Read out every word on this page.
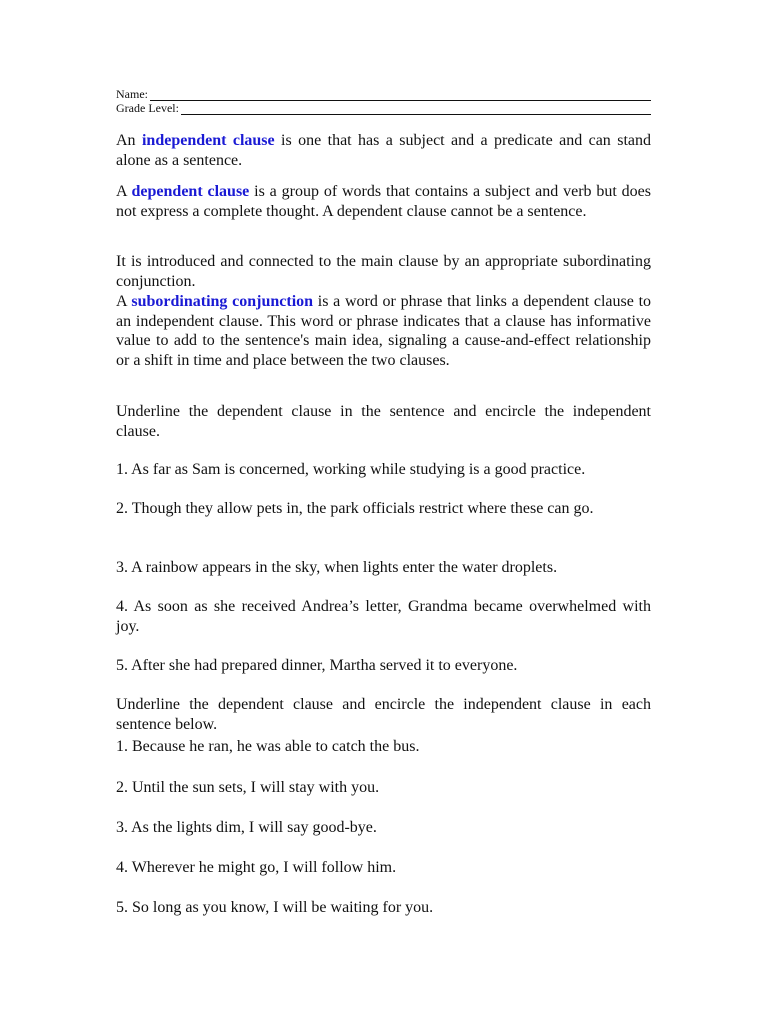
Name:
Grade Level:

An independent clause is one that has a subject and a predicate and can stand alone as a sentence.

A dependent clause is a group of words that contains a subject and verb but does not express a complete thought. A dependent clause cannot be a sentence.

It is introduced and connected to the main clause by an appropriate subordinating conjunction.

A subordinating conjunction is a word or phrase that links a dependent clause to an independent clause. This word or phrase indicates that a clause has informative value to add to the sentence's main idea, signaling a cause-and-effect relationship or a shift in time and place between the two clauses.

Underline the dependent clause in the sentence and encircle the independent clause.

1. As far as Sam is concerned, working while studying is a good practice.

2. Though they allow pets in, the park officials restrict where these can go.

3. A rainbow appears in the sky, when lights enter the water droplets.

4. As soon as she received Andrea’s letter, Grandma became overwhelmed with joy.

5. After she had prepared dinner, Martha served it to everyone.

Underline the dependent clause and encircle the independent clause in each sentence below.

1. Because he ran, he was able to catch the bus.

2. Until the sun sets, I will stay with you.

3. As the lights dim, I will say good-bye.

4. Wherever he might go, I will follow him.

5. So long as you know, I will be waiting for you.
